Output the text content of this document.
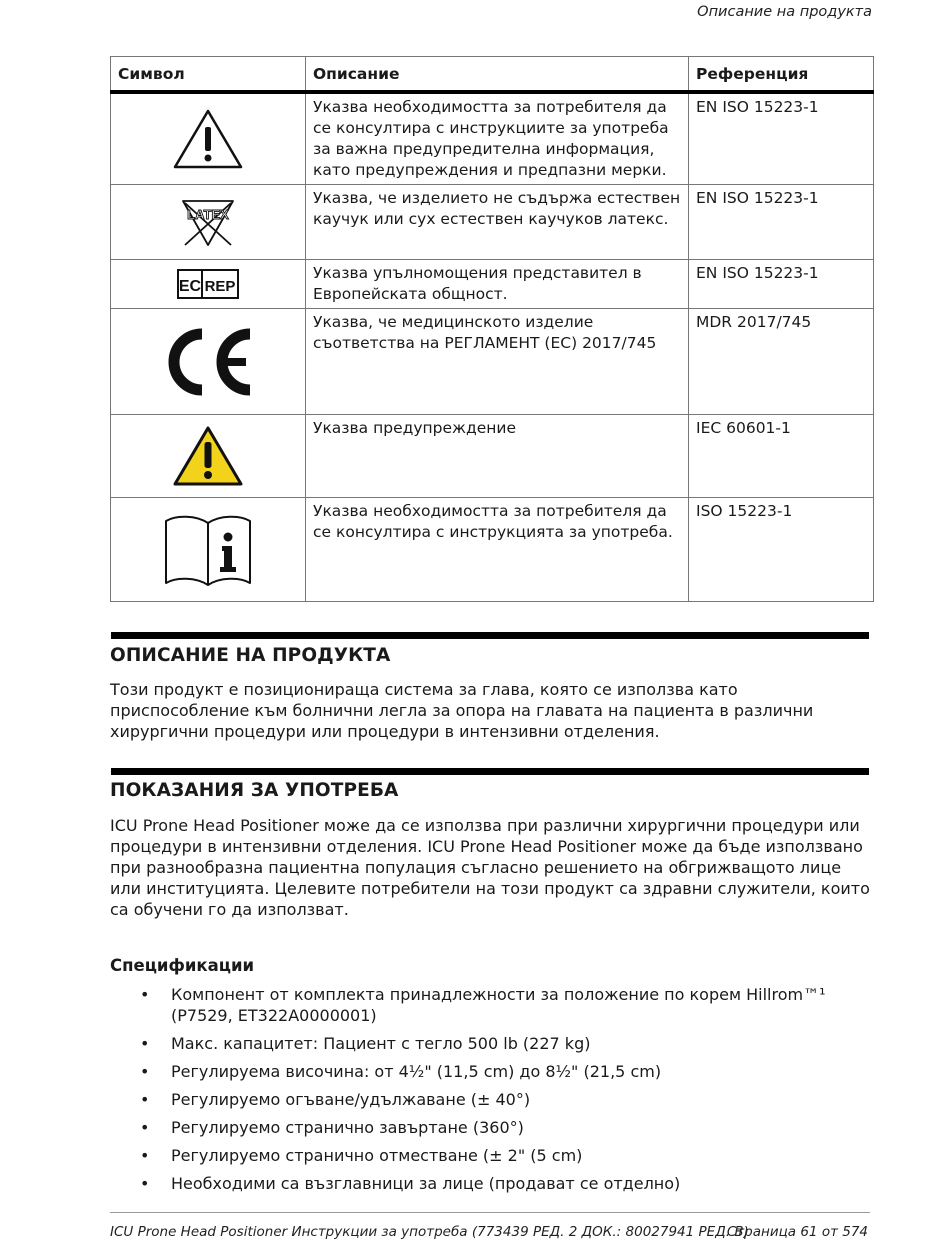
Описание на продукта
Символ	Описание	Референция

	Указва необходимостта за потребителя да се консултира с инструкциите за употреба за важна предупредителна информация, като предупреждения и предпазни мерки.	EN ISO 15223-1

LATEX	Указва, че изделието не съдържа естествен каучук или сух естествен каучуков латекс.	EN ISO 15223-1

EC REP	Указва упълномощения представител в Европейската общност.	EN ISO 15223-1

	Указва, че медицинското изделие съответства на РЕГЛАМЕНТ (ЕС) 2017/745	MDR 2017/745

	Указва предупреждение	IEC 60601-1

	Указва необходимостта за потребителя да се консултира с инструкцията за употреба.	ISO 15223-1
ОПИСАНИЕ НА ПРОДУКТА

Този продукт е позиционираща система за глава, която се използва като приспособление към болнични легла за опора на главата на пациента в различни хирургични процедури или процедури в интензивни отделения.

ПОКАЗАНИЯ ЗА УПОТРЕБА

ICU Prone Head Positioner може да се използва при различни хирургични процедури или процедури в интензивни отделения. ICU Prone Head Positioner може да бъде използвано при разнообразна пациентна популация съгласно решението на обгрижващото лице или институцията. Целевите потребители на този продукт са здравни служители, които са обучени го да използват.

Спецификации
• Компонент от комплекта принадлежности за положение по корем Hillrom™¹ (P7529, ET322A0000001)
• Макс. капацитет: Пациент с тегло 500 lb (227 kg)
• Регулируема височина: от 4½" (11,5 cm) до 8½" (21,5 cm)
• Регулируемо огъване/удължаване (± 40°)
• Регулируемо странично завъртане (360°)
• Регулируемо странично отместване (± 2" (5 cm)
• Необходими са възглавници за лице (продават се отделно)
ICU Prone Head Positioner Инструкции за употреба (773439 РЕД. 2 ДОК.: 80027941 РЕД. B)
Страница 61 от 574
